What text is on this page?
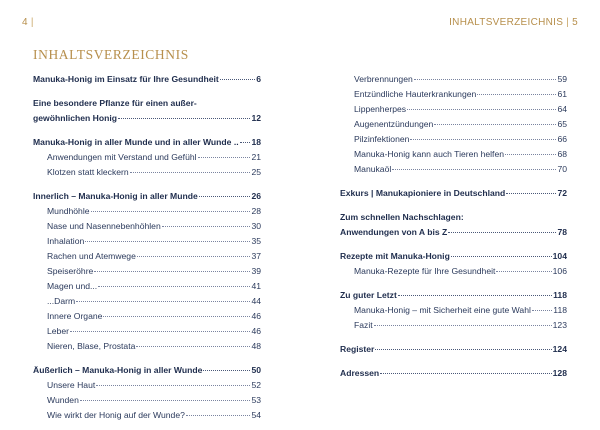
4 |
INHALTSVERZEICHNIS
Manuka-Honig im Einsatz für Ihre Gesundheit	6
Eine besondere Pflanze für einen außer-
gewöhnlichen Honig	12
Manuka-Honig in aller Munde und in aller Wunde .. 18
Anwendungen mit Verstand und Gefühl	21
Klotzen statt kleckern	25
Innerlich – Manuka-Honig in aller Munde	26
Mundhöhle	28
Nase und Nasennebenhöhlen	30
Inhalation	35
Rachen und Atemwege	37
Speiseröhre	39
Magen und...	41
...Darm	44
Innere Organe	46
Leber	46
Nieren, Blase, Prostata	48
Äußerlich – Manuka-Honig in aller Wunde	50
Unsere Haut	52
Wunden	53
Wie wirkt der Honig auf der Wunde?	54
INHALTSVERZEICHNIS | 5
Verbrennungen	59
Entzündliche Hauterkrankungen	61
Lippenherpes	64
Augenentzündungen	65
Pilzinfektionen	66
Manuka-Honig kann auch Tieren helfen	68
Manukaöl	70
Exkurs | Manukapioniere in Deutschland	72
Zum schnellen Nachschlagen:
Anwendungen von A bis Z	78
Rezepte mit Manuka-Honig	104
Manuka-Rezepte für Ihre Gesundheit	106
Zu guter Letzt	118
Manuka-Honig – mit Sicherheit eine gute Wahl	118
Fazit	123
Register	124
Adressen	128
